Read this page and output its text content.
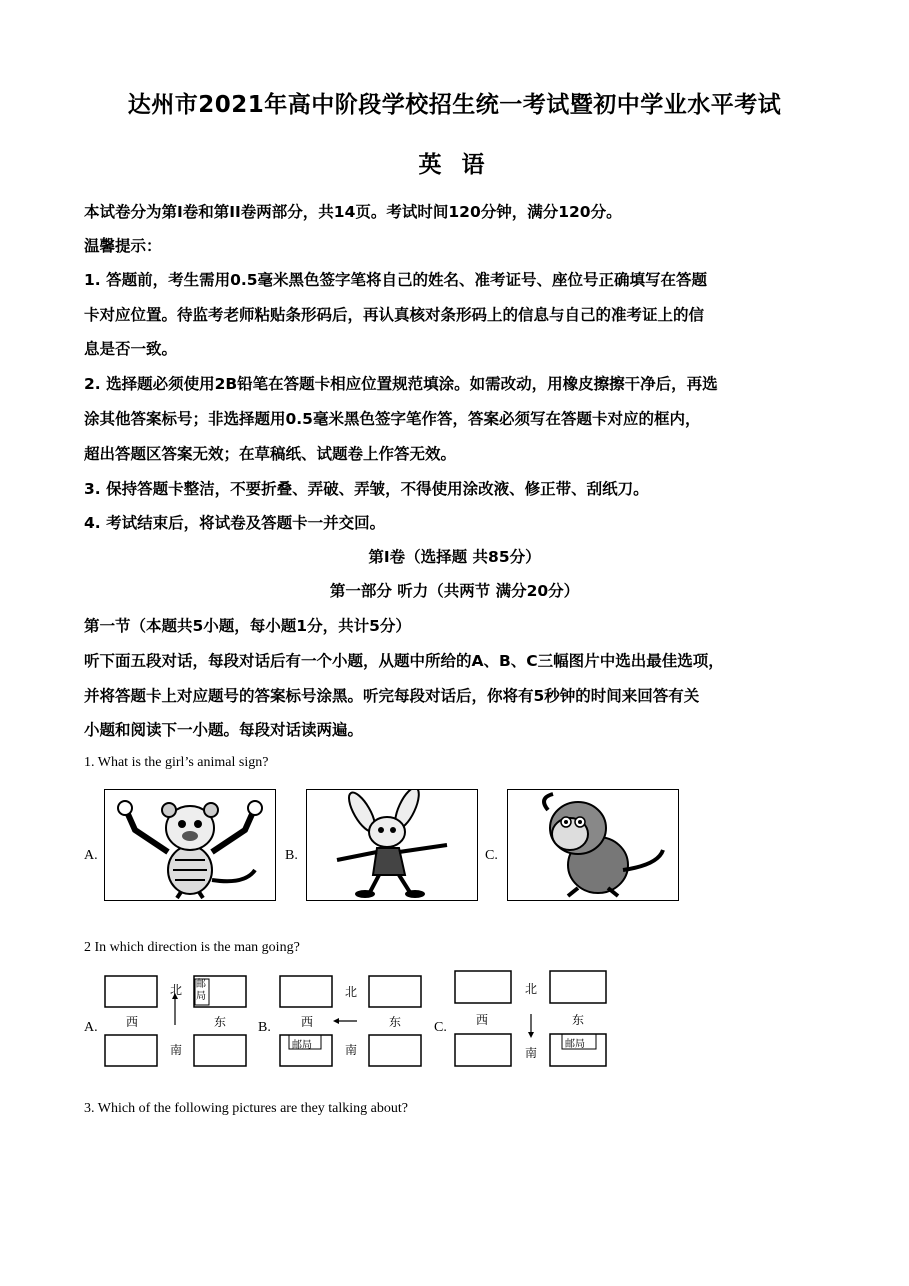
达州市2021年高中阶段学校招生统一考试暨初中学业水平考试
英 语
本试卷分为第I卷和第II卷两部分，共14页。考试时间120分钟，满分120分。
温馨提示：
1. 答题前，考生需用0.5毫米黑色签字笔将自己的姓名、准考证号、座位号正确填写在答题
卡对应位置。待监考老师粘贴条形码后，再认真核对条形码上的信息与自己的准考证上的信
息是否一致。
2. 选择题必须使用2B铅笔在答题卡相应位置规范填涂。如需改动，用橡皮擦擦干净后，再选
涂其他答案标号；非选择题用0.5毫米黑色签字笔作答，答案必须写在答题卡对应的框内，
超出答题区答案无效；在草稿纸、试题卷上作答无效。
3. 保持答题卡整洁，不要折叠、弄破、弄皱，不得使用涂改液、修正带、刮纸刀。
4. 考试结束后，将试卷及答题卡一并交回。
第I卷（选择题 共85分）
第一部分 听力（共两节 满分20分）
第一节（本题共5小题，每小题1分，共计5分）
听下面五段对话，每段对话后有一个小题，从题中所给的A、B、C三幅图片中选出最佳选项，
并将答题卡上对应题号的答案标号涂黑。听完每段对话后，你将有5秒钟的时间来回答有关
小题和阅读下一小题。每段对话读两遍。
1. What is the girl’s animal sign?
A.	B.	C.
2 In which direction is the man going?
A.
北 邮局
西	东
南
B.
北
西	东
南
邮局
C.
北
西	东
南
邮局
3. Which of the following pictures are they talking about?
